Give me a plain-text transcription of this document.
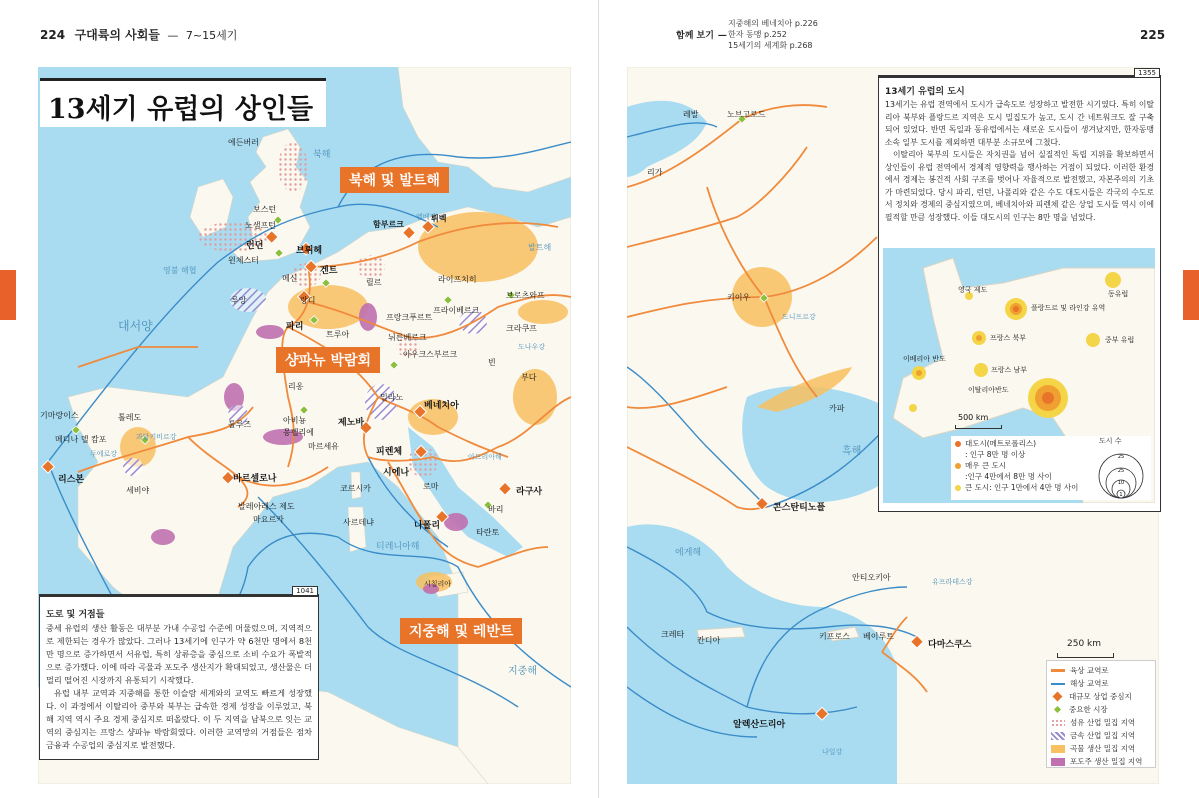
224 구대륙의 사회들 — 7~15세기	함께 보기 —
지중해의 베네치아 p.226
한자 동맹 p.252
15세기의 세계화 p.268
225
북해
영불 해협
대서양
발트해
티레니아해
지중해
아드리아해
도나우강
엘베강
두에로강
과달키비르강
에든버러
보스턴
노샘프턴
런던
윈체스터
브뤼헤
겐트
메신
루앙
파리
트루아
랑디
릴르
함부르크
뤼벡
라이프치히
프랑크푸르트
프라이베르크
브로츠와프
뉘른베르크
크라쿠프
아우크스부르크
빈
부다
리옹
아비뇽
몽펠리에
마르세유
툴루즈	제노바
밀라노
베네치아
피렌체
시에나
로마
나폴리
바리
타란토
라구사
시칠리아
코르시카
사르데냐
바르셀로나
발레아레스 제도
마요르카
리스본
세비야
톨레도
기마랑이스
메디나 델 캄포
북해 및 발트해
샹파뉴 박람회
지중해 및 레반트
13세기 유럽의 상인들
1041
도로 및 거점들
중세 유럽의 생산 활동은 대부분 가내 수공업 수준에 머물렀으며, 지역적으로 제한되는 경우가 많았다. 그러나 13세기에 인구가 약 6천만 명에서 8천만 명으로 증가하면서 서유럽, 특히 상류층을 중심으로 소비 수요가 폭발적으로 증가했다. 이에 따라 곡물과 포도주 생산지가 확대되었고, 생산물은 더 멀리 떨어진 시장까지 유통되기 시작했다.
유럽 내부 교역과 지중해를 통한 이슬람 세계와의 교역도 빠르게 성장했다. 이 과정에서 이탈리아 중부와 북부는 급속한 경제 성장을 이루었고, 북해 지역 역시 주요 경제 중심지로 떠올랐다. 이 두 지역을 남북으로 잇는 교역의 중심지는 프랑스 샹파뉴 박람회였다. 이러한 교역망의 거점들은 점차 금융과 수공업의 중심지로 발전했다.
레발	노브고로드
리가
키이우
드니프르강
카파
흑해
콘스탄티노플
에게해
안티오키아	유프라테스강
크레타
칸디아	키프로스 베이루트
다마스쿠스
알렉산드리아
나일강
250 km
1355
13세기 유럽의 도시
13세기는 유럽 전역에서 도시가 급속도로 성장하고 발전한 시기였다. 특히 이탈리아 북부와 플랑드르 지역은 도시 밀집도가 높고, 도시 간 네트워크도 잘 구축되어 있었다. 반면 독일과 동유럽에서는 새로운 도시들이 생겨났지만, 한자동맹 소속 일부 도시를 제외하면 대부분 소규모에 그쳤다.
이탈리아 북부의 도시들은 자치권을 넘어 실질적인 독립 지위를 확보하면서 상인들이 유럽 전역에서 경제적 영향력을 행사하는 거점이 되었다. 이러한 환경에서 경제는 봉건적 사회 구조를 벗어나 자율적으로 발전했고, 자본주의의 기초가 마련되었다. 당시 파리, 런던, 나폴리와 같은 수도 대도시들은 각국의 수도로서 정치와 경제의 중심지였으며, 베네치아와 피렌체 같은 상업 도시들 역시 이에 필적할 만큼 성장했다. 이들 대도시의 인구는 8만 명을 넘었다.
영국 제도	동유럽
플랑드르 및 라인강 유역
프랑스 북부	중부 유럽
이베리아 반도
프랑스 남부
이탈리아반도
500 km
대도시(메트로폴리스)
: 인구 8만 명 이상
매우 큰 도시
:인구 4만에서 8만 명 사이
큰 도시: 인구 1만에서 4만 명 사이
도시 수
25
25
10
1
육상 교역로
해상 교역로
대규모 상업 중심지
중요한 시장
섬유 산업 밀집 지역
금속 산업 밀집 지역
곡물 생산 밀집 지역
포도주 생산 밀집 지역
